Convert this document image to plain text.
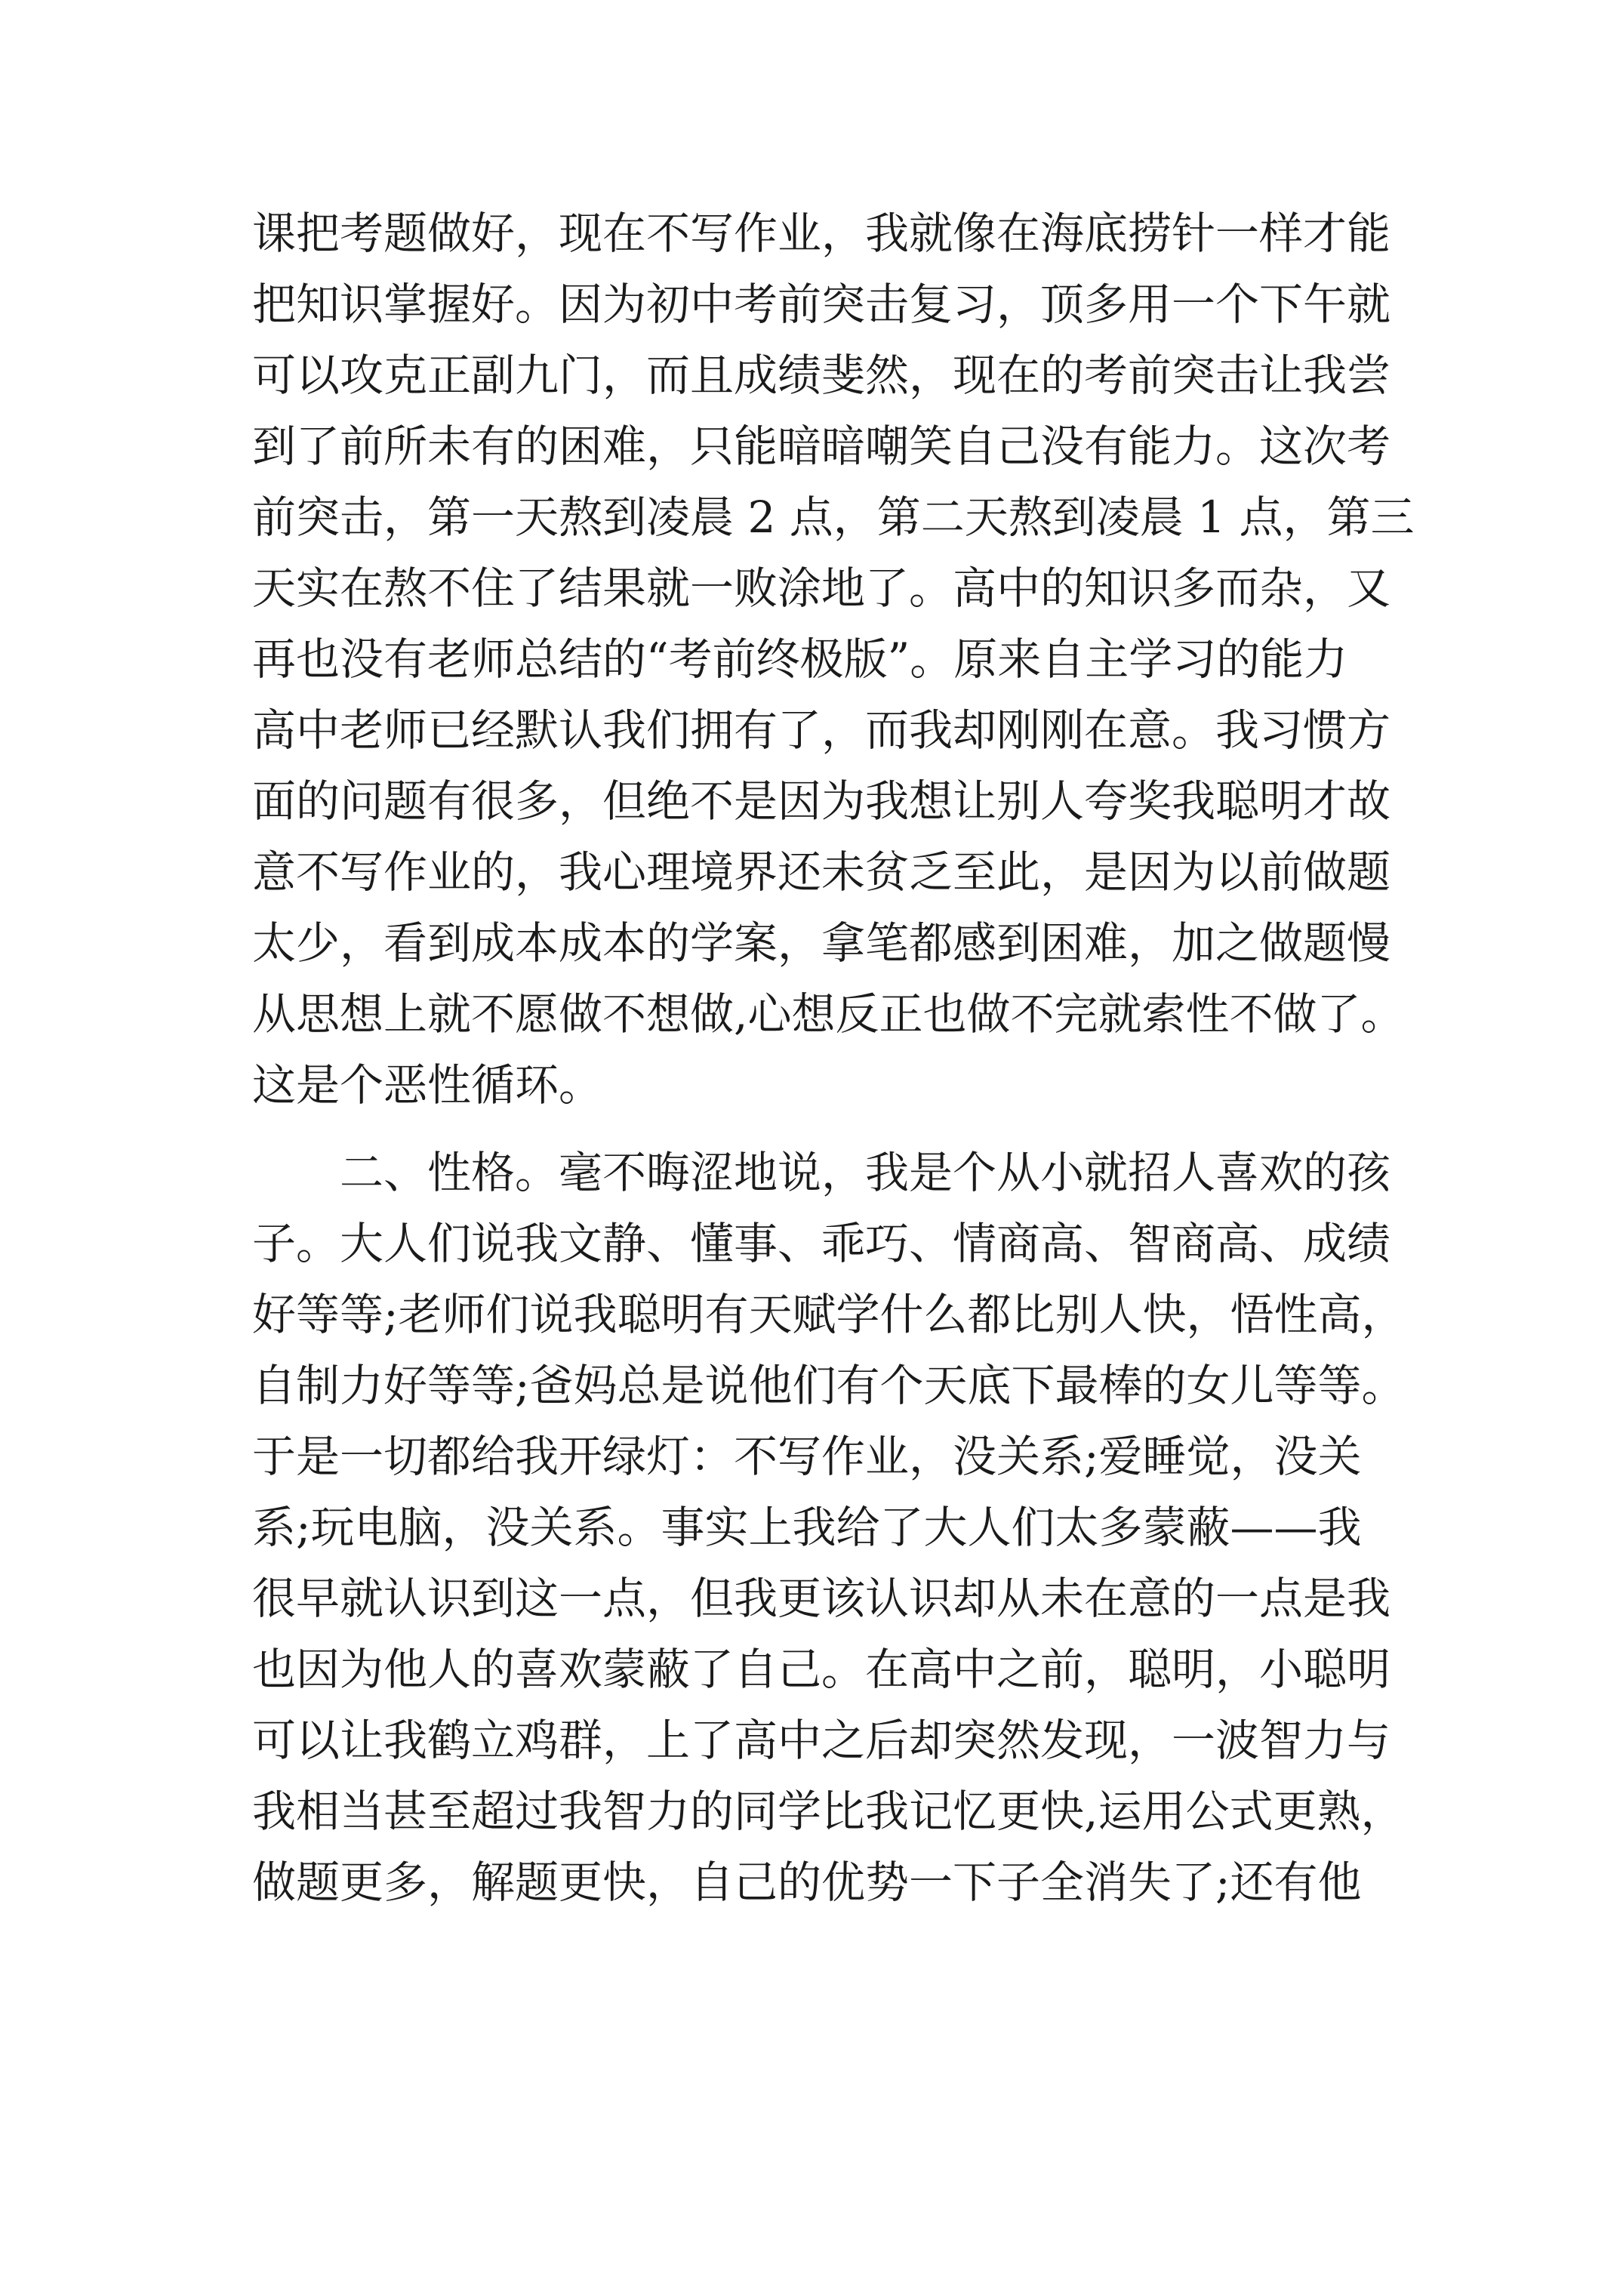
课把考题做好，现在不写作业，我就像在海底捞针一样才能
把知识掌握好。因为初中考前突击复习，顶多用一个下午就
可以攻克正副九门，而且成绩斐然，现在的考前突击让我尝
到了前所未有的困难，只能暗暗嘲笑自己没有能力。这次考
前突击，第一天熬到凌晨 2 点，第二天熬到凌晨 1 点，第三
天实在熬不住了结果就一败涂地了。高中的知识多而杂，又
再也没有老师总结的“考前终极版”。原来自主学习的能力
高中老师已经默认我们拥有了，而我却刚刚在意。我习惯方
面的问题有很多，但绝不是因为我想让别人夸奖我聪明才故
意不写作业的，我心理境界还未贫乏至此，是因为以前做题
太少，看到成本成本的学案，拿笔都感到困难，加之做题慢
从思想上就不愿做不想做,心想反正也做不完就索性不做了。
这是个恶性循环。
　　二、性格。毫不晦涩地说，我是个从小就招人喜欢的孩
子。大人们说我文静、懂事、乖巧、情商高、智商高、成绩
好等等;老师们说我聪明有天赋学什么都比别人快，悟性高，
自制力好等等;爸妈总是说他们有个天底下最棒的女儿等等。
于是一切都给我开绿灯：不写作业，没关系;爱睡觉，没关
系;玩电脑，没关系。事实上我给了大人们太多蒙蔽——我
很早就认识到这一点，但我更该认识却从未在意的一点是我
也因为他人的喜欢蒙蔽了自己。在高中之前，聪明，小聪明
可以让我鹤立鸡群，上了高中之后却突然发现，一波智力与
我相当甚至超过我智力的同学比我记忆更快,运用公式更熟，
做题更多，解题更快，自己的优势一下子全消失了;还有他
